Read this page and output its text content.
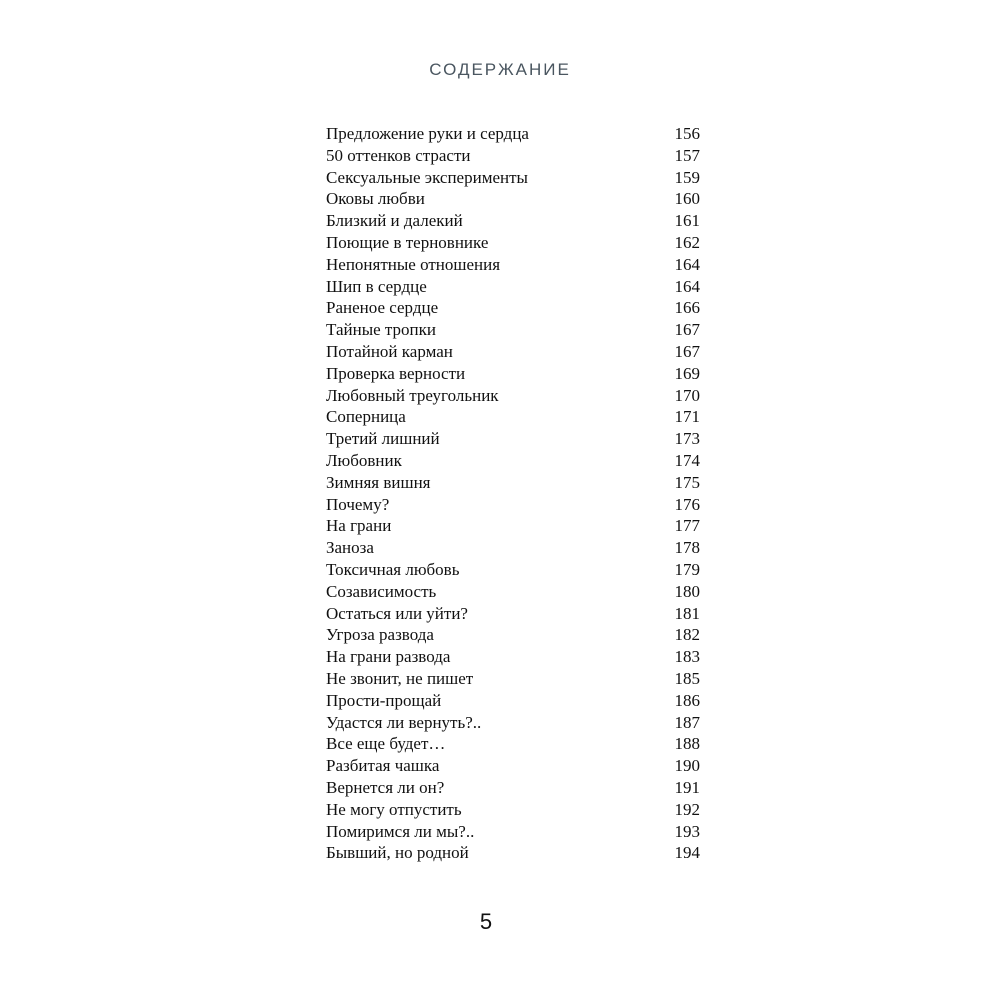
СОДЕРЖАНИЕ
Предложение руки и сердца	156
50 оттенков страсти	157
Сексуальные эксперименты	159
Оковы любви	160
Близкий и далекий	161
Поющие в терновнике	162
Непонятные отношения	164
Шип в сердце	164
Раненое сердце	166
Тайные тропки	167
Потайной карман	167
Проверка верности	169
Любовный треугольник	170
Соперница	171
Третий лишний	173
Любовник	174
Зимняя вишня	175
Почему?	176
На грани	177
Заноза	178
Токсичная любовь	179
Созависимость	180
Остаться или уйти?	181
Угроза развода	182
На грани развода	183
Не звонит, не пишет	185
Прости-прощай	186
Удастся ли вернуть?..	187
Все еще будет…	188
Разбитая чашка	190
Вернется ли он?	191
Не могу отпустить	192
Помиримся ли мы?..	193
Бывший, но родной	194
5
